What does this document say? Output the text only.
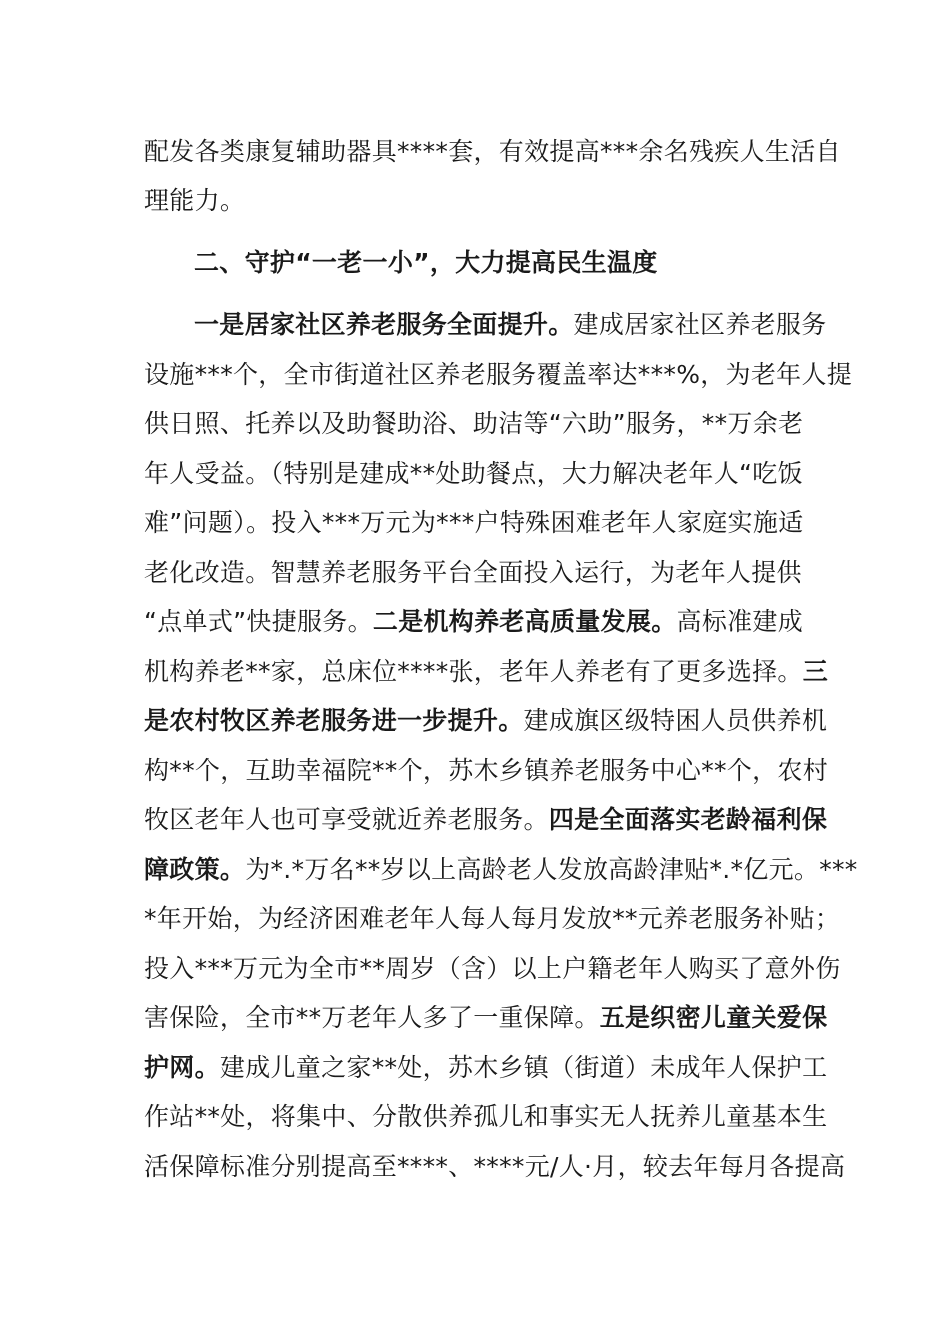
配发各类康复辅助器具****套，有效提高***余名残疾人生活自
理能力。
二、守护“一老一小”，大力提高民生温度
一是居家社区养老服务全面提升。建成居家社区养老服务
设施***个，全市街道社区养老服务覆盖率达***%，为老年人提
供日照、托养以及助餐助浴、助洁等“六助”服务，**万余老
年人受益。（特别是建成**处助餐点，大力解决老年人“吃饭
难”问题）。投入***万元为***户特殊困难老年人家庭实施适
老化改造。智慧养老服务平台全面投入运行，为老年人提供
“点单式”快捷服务。二是机构养老高质量发展。高标准建成
机构养老**家，总床位****张，老年人养老有了更多选择。三
是农村牧区养老服务进一步提升。建成旗区级特困人员供养机
构**个，互助幸福院**个，苏木乡镇养老服务中心**个，农村
牧区老年人也可享受就近养老服务。四是全面落实老龄福利保
障政策。为*.*万名**岁以上高龄老人发放高龄津贴*.*亿元。***
*年开始，为经济困难老年人每人每月发放**元养老服务补贴；
投入***万元为全市**周岁（含）以上户籍老年人购买了意外伤
害保险，全市**万老年人多了一重保障。五是织密儿童关爱保
护网。建成儿童之家**处，苏木乡镇（街道）未成年人保护工
作站**处，将集中、分散供养孤儿和事实无人抚养儿童基本生
活保障标准分别提高至****、****元/人·月，较去年每月各提高
